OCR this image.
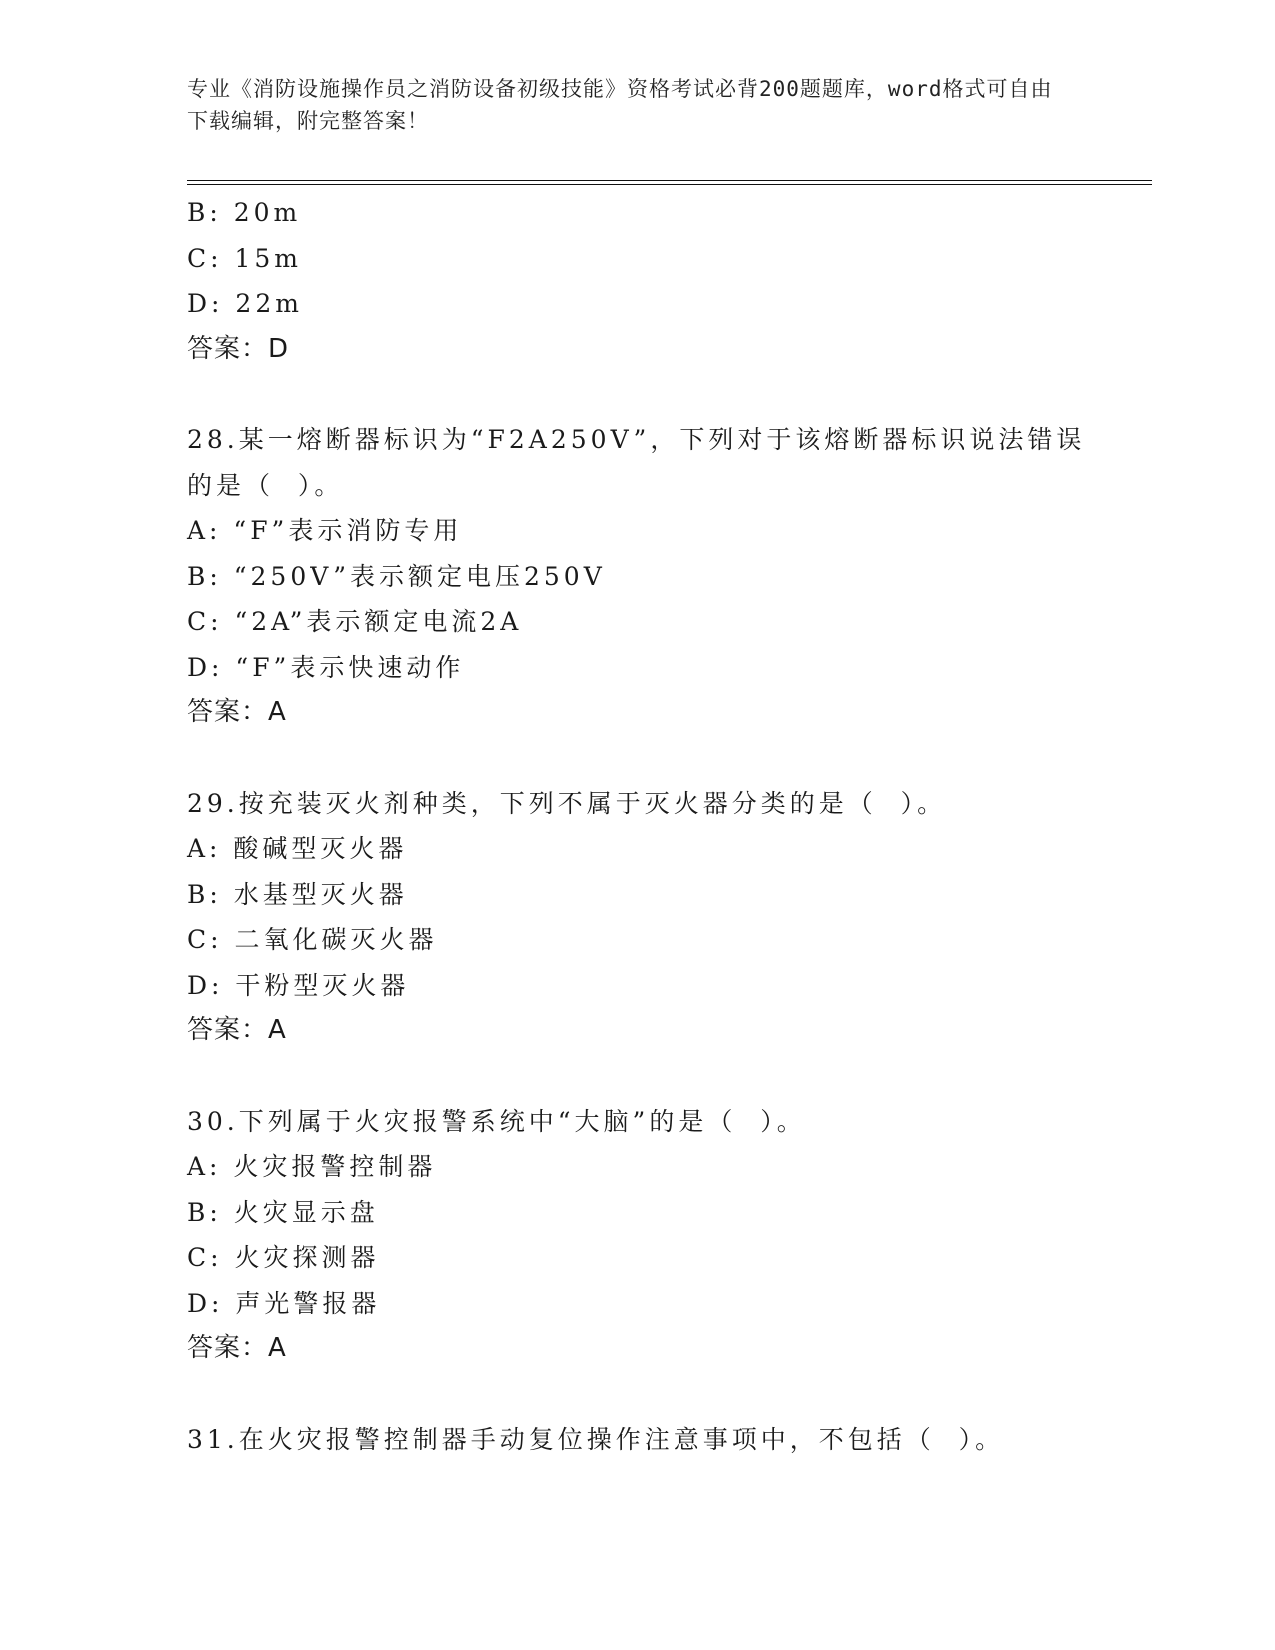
专业《消防设施操作员之消防设备初级技能》资格考试必背200题题库，word格式可自由下载编辑，附完整答案！
B: 20m
C: 15m
D: 22m
答案：D
28.某一熔断器标识为“F2A250V”，下列对于该熔断器标识说法错误
的是（  ）。
A: “F”表示消防专用
B: “250V”表示额定电压250V
C: “2A”表示额定电流2A
D: “F”表示快速动作
答案：A
29.按充装灭火剂种类，下列不属于灭火器分类的是（  ）。
A: 酸碱型灭火器
B: 水基型灭火器
C: 二氧化碳灭火器
D: 干粉型灭火器
答案：A
30.下列属于火灾报警系统中“大脑”的是（  ）。
A: 火灾报警控制器
B: 火灾显示盘
C: 火灾探测器
D: 声光警报器
答案：A
31.在火灾报警控制器手动复位操作注意事项中，不包括（  ）。
